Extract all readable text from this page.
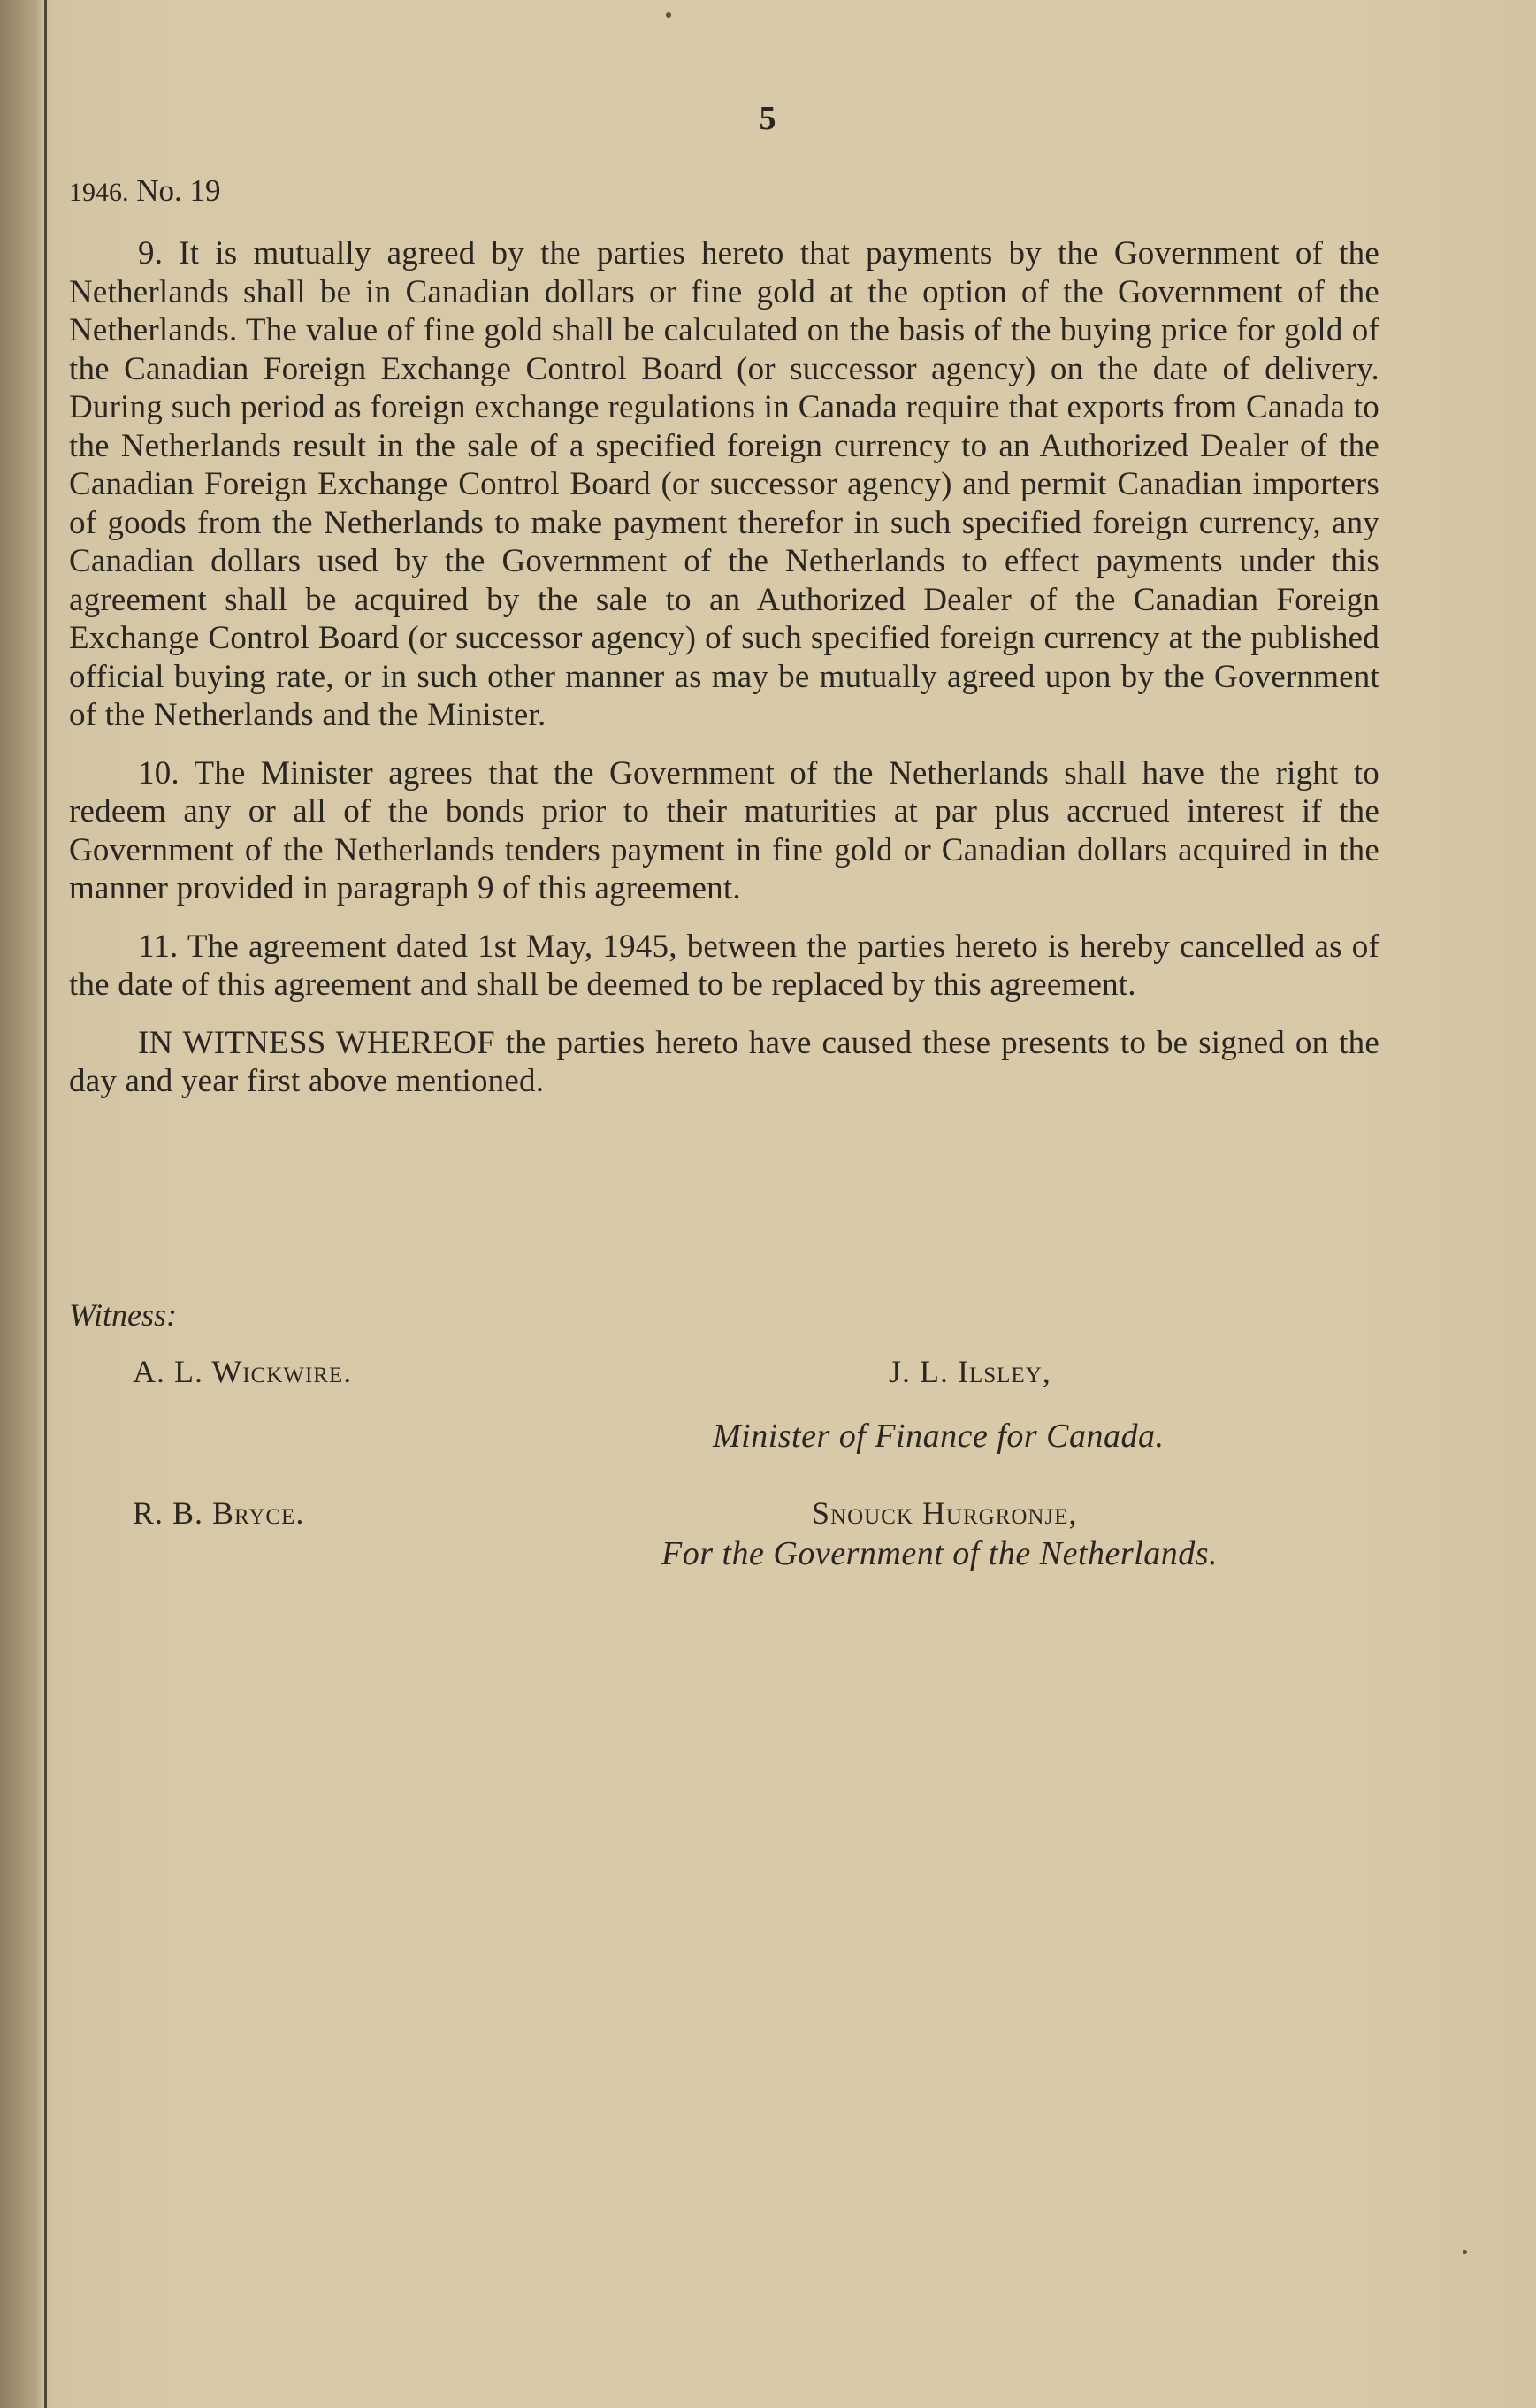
5
1946. No. 19

9. It is mutually agreed by the parties hereto that payments by the Government of the Netherlands shall be in Canadian dollars or fine gold at the option of the Government of the Netherlands. The value of fine gold shall be calculated on the basis of the buying price for gold of the Canadian Foreign Exchange Control Board (or successor agency) on the date of delivery. During such period as foreign exchange regulations in Canada require that exports from Canada to the Netherlands result in the sale of a specified foreign currency to an Authorized Dealer of the Canadian Foreign Exchange Control Board (or successor agency) and permit Canadian importers of goods from the Netherlands to make payment therefor in such specified foreign currency, any Canadian dollars used by the Government of the Netherlands to effect payments under this agreement shall be acquired by the sale to an Authorized Dealer of the Canadian Foreign Exchange Control Board (or successor agency) of such specified foreign currency at the published official buying rate, or in such other manner as may be mutually agreed upon by the Government of the Netherlands and the Minister.

10. The Minister agrees that the Government of the Netherlands shall have the right to redeem any or all of the bonds prior to their maturities at par plus accrued interest if the Government of the Netherlands tenders payment in fine gold or Canadian dollars acquired in the manner provided in paragraph 9 of this agreement.

11. The agreement dated 1st May, 1945, between the parties hereto is hereby cancelled as of the date of this agreement and shall be deemed to be replaced by this agreement.

IN WITNESS WHEREOF the parties hereto have caused these presents to be signed on the day and year first above mentioned.

Witness:
A. L. Wickwire.	J. L. Ilsley,
Minister of Finance for Canada.
R. B. Bryce.	Snouck Hurgronje,
For the Government of the Netherlands.
